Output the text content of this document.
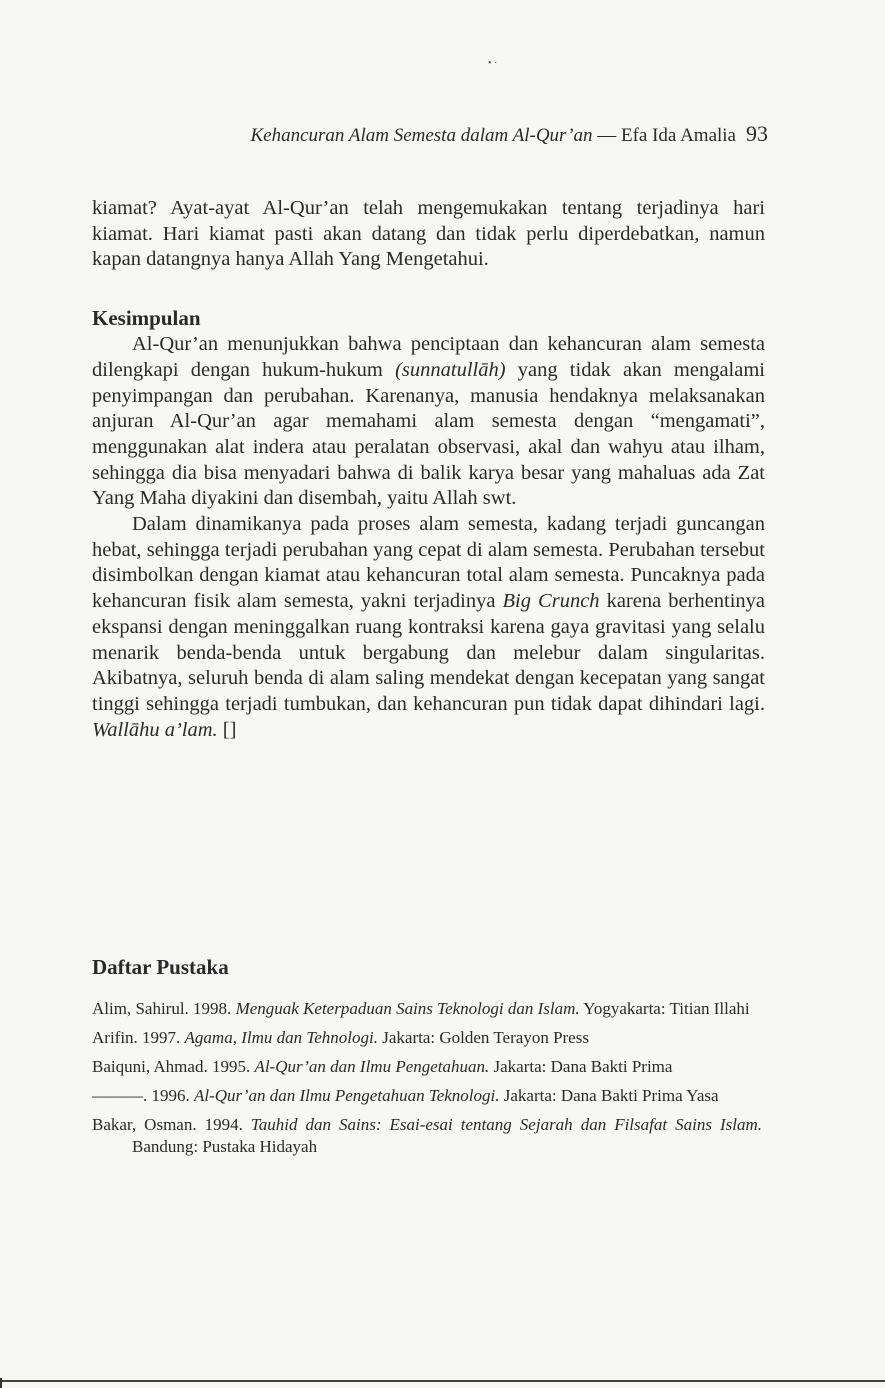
• ·
Kehancuran Alam Semesta dalam Al-Qur’an — Efa Ida Amalia 93

kiamat? Ayat-ayat Al-Qur’an telah mengemukakan tentang terjadinya hari kiamat. Hari kiamat pasti akan datang dan tidak perlu diperdebatkan, namun kapan datangnya hanya Allah Yang Mengetahui.

Kesimpulan

Al-Qur’an menunjukkan bahwa penciptaan dan kehancuran alam semesta dilengkapi dengan hukum-hukum (sunnatullāh) yang tidak akan mengalami penyimpangan dan perubahan. Karenanya, manusia hendaknya melaksanakan anjuran Al-Qur’an agar memahami alam semesta dengan “mengamati”, menggunakan alat indera atau peralatan observasi, akal dan wahyu atau ilham, sehingga dia bisa menyadari bahwa di balik karya besar yang mahaluas ada Zat Yang Maha diyakini dan disembah, yaitu Allah swt.

Dalam dinamikanya pada proses alam semesta, kadang terjadi guncangan hebat, sehingga terjadi perubahan yang cepat di alam semesta. Perubahan tersebut disimbolkan dengan kiamat atau kehancuran total alam semesta. Puncaknya pada kehancuran fisik alam semesta, yakni terjadinya Big Crunch karena berhentinya ekspansi dengan meninggalkan ruang kontraksi karena gaya gravitasi yang selalu menarik benda-benda untuk bergabung dan melebur dalam singularitas. Akibatnya, seluruh benda di alam saling mendekat dengan kecepatan yang sangat tinggi sehingga terjadi tumbukan, dan kehancuran pun tidak dapat dihindari lagi. Wallāhu a’lam. []

Daftar Pustaka

Alim, Sahirul. 1998. Menguak Keterpaduan Sains Teknologi dan Islam. Yogyakarta: Titian Illahi

Arifin. 1997. Agama, Ilmu dan Tehnologi. Jakarta: Golden Terayon Press

Baiquni, Ahmad. 1995. Al-Qur’an dan Ilmu Pengetahuan. Jakarta: Dana Bakti Prima

———. 1996. Al-Qur’an dan Ilmu Pengetahuan Teknologi. Jakarta: Dana Bakti Prima Yasa

Bakar, Osman. 1994. Tauhid dan Sains: Esai-esai tentang Sejarah dan Filsafat Sains Islam. Bandung: Pustaka Hidayah
